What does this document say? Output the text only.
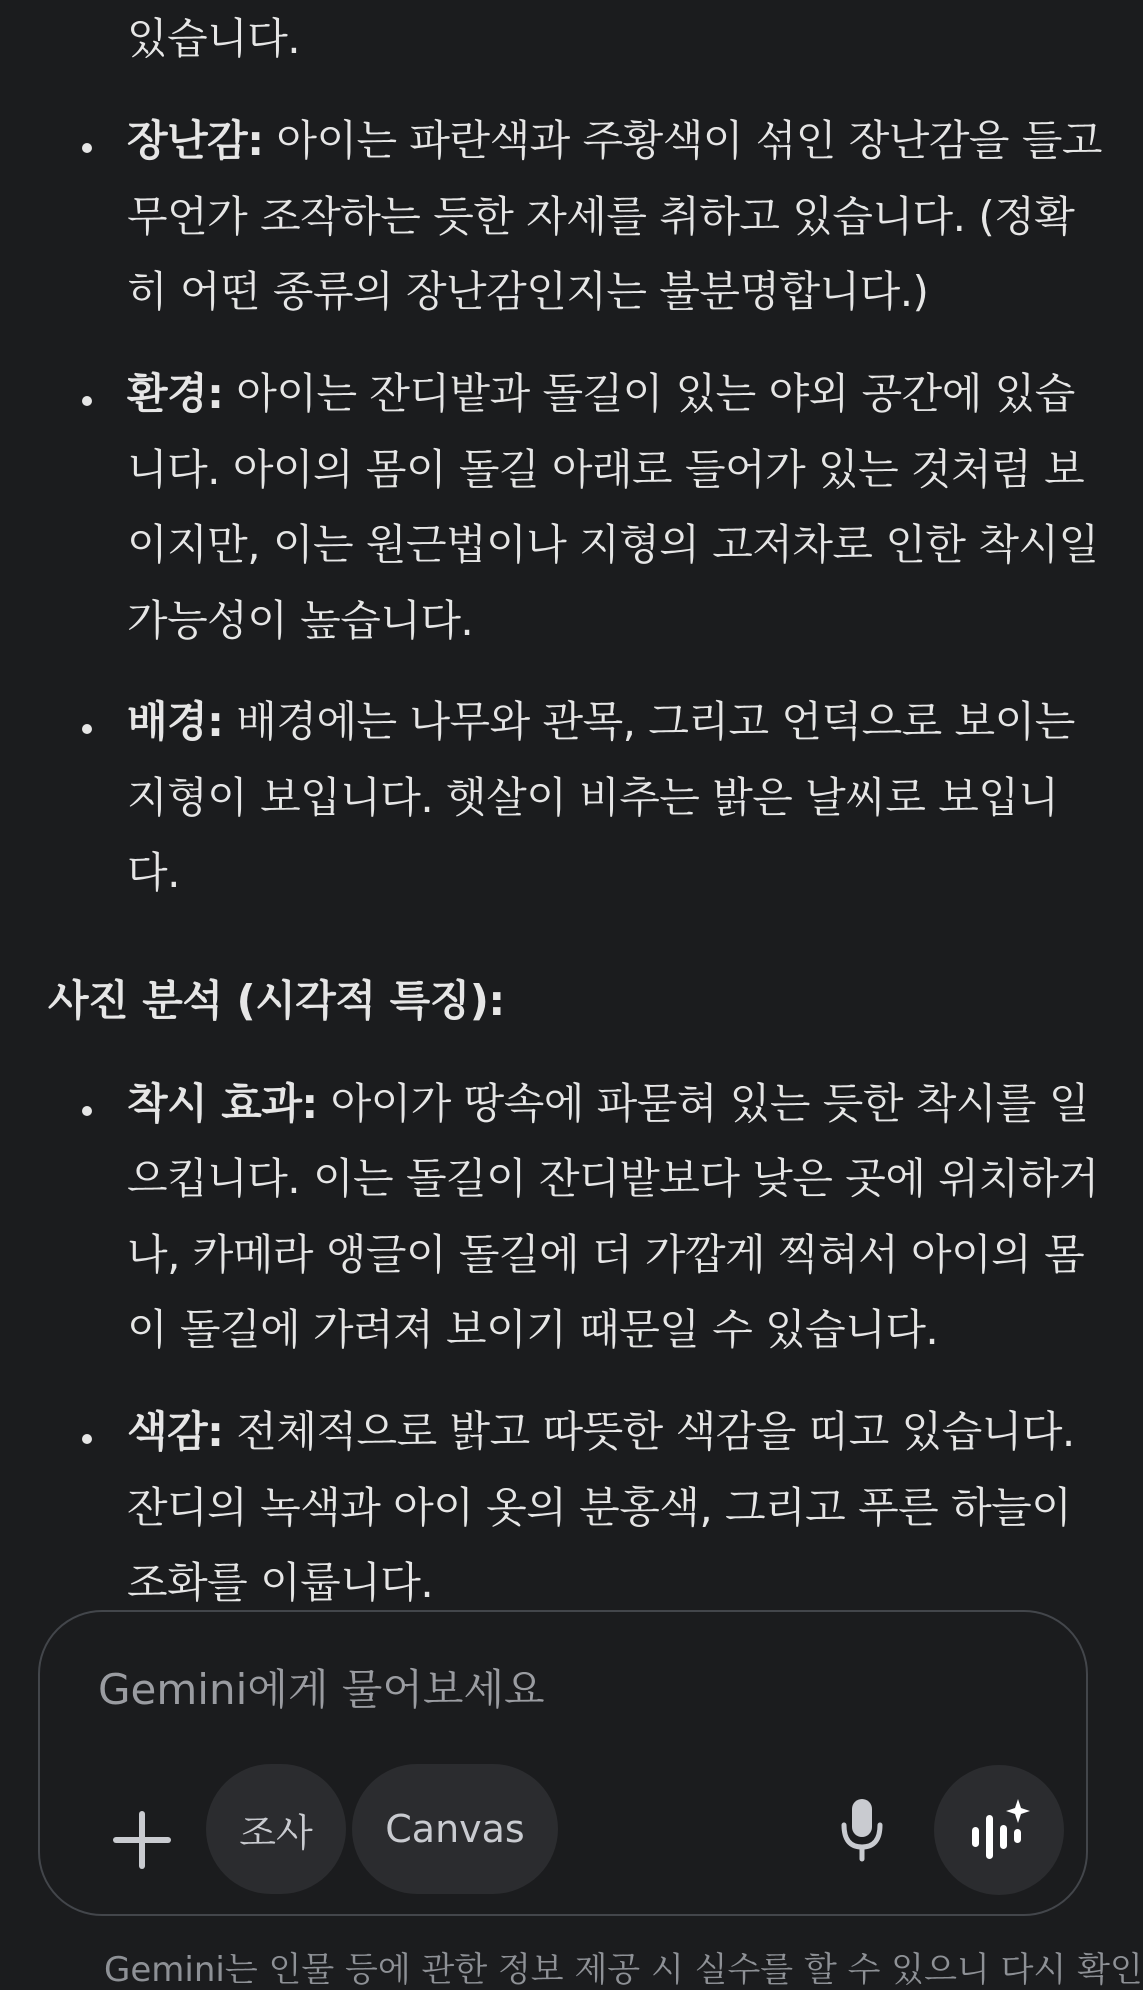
있습니다.
장난감: 아이는 파란색과 주황색이 섞인 장난감을 들고
무언가 조작하는 듯한 자세를 취하고 있습니다. (정확
히 어떤 종류의 장난감인지는 불분명합니다.)
환경: 아이는 잔디밭과 돌길이 있는 야외 공간에 있습
니다. 아이의 몸이 돌길 아래로 들어가 있는 것처럼 보
이지만, 이는 원근법이나 지형의 고저차로 인한 착시일
가능성이 높습니다.
배경: 배경에는 나무와 관목, 그리고 언덕으로 보이는
지형이 보입니다. 햇살이 비추는 밝은 날씨로 보입니
다.
사진 분석 (시각적 특징):
착시 효과: 아이가 땅속에 파묻혀 있는 듯한 착시를 일
으킵니다. 이는 돌길이 잔디밭보다 낮은 곳에 위치하거
나, 카메라 앵글이 돌길에 더 가깝게 찍혀서 아이의 몸
이 돌길에 가려져 보이기 때문일 수 있습니다.
색감: 전체적으로 밝고 따뜻한 색감을 띠고 있습니다.
잔디의 녹색과 아이 옷의 분홍색, 그리고 푸른 하늘이
조화를 이룹니다.
Gemini에게 물어보세요
조사	Canvas
Gemini는 인물 등에 관한 정보 제공 시 실수를 할 수 있으니 다시 확인
